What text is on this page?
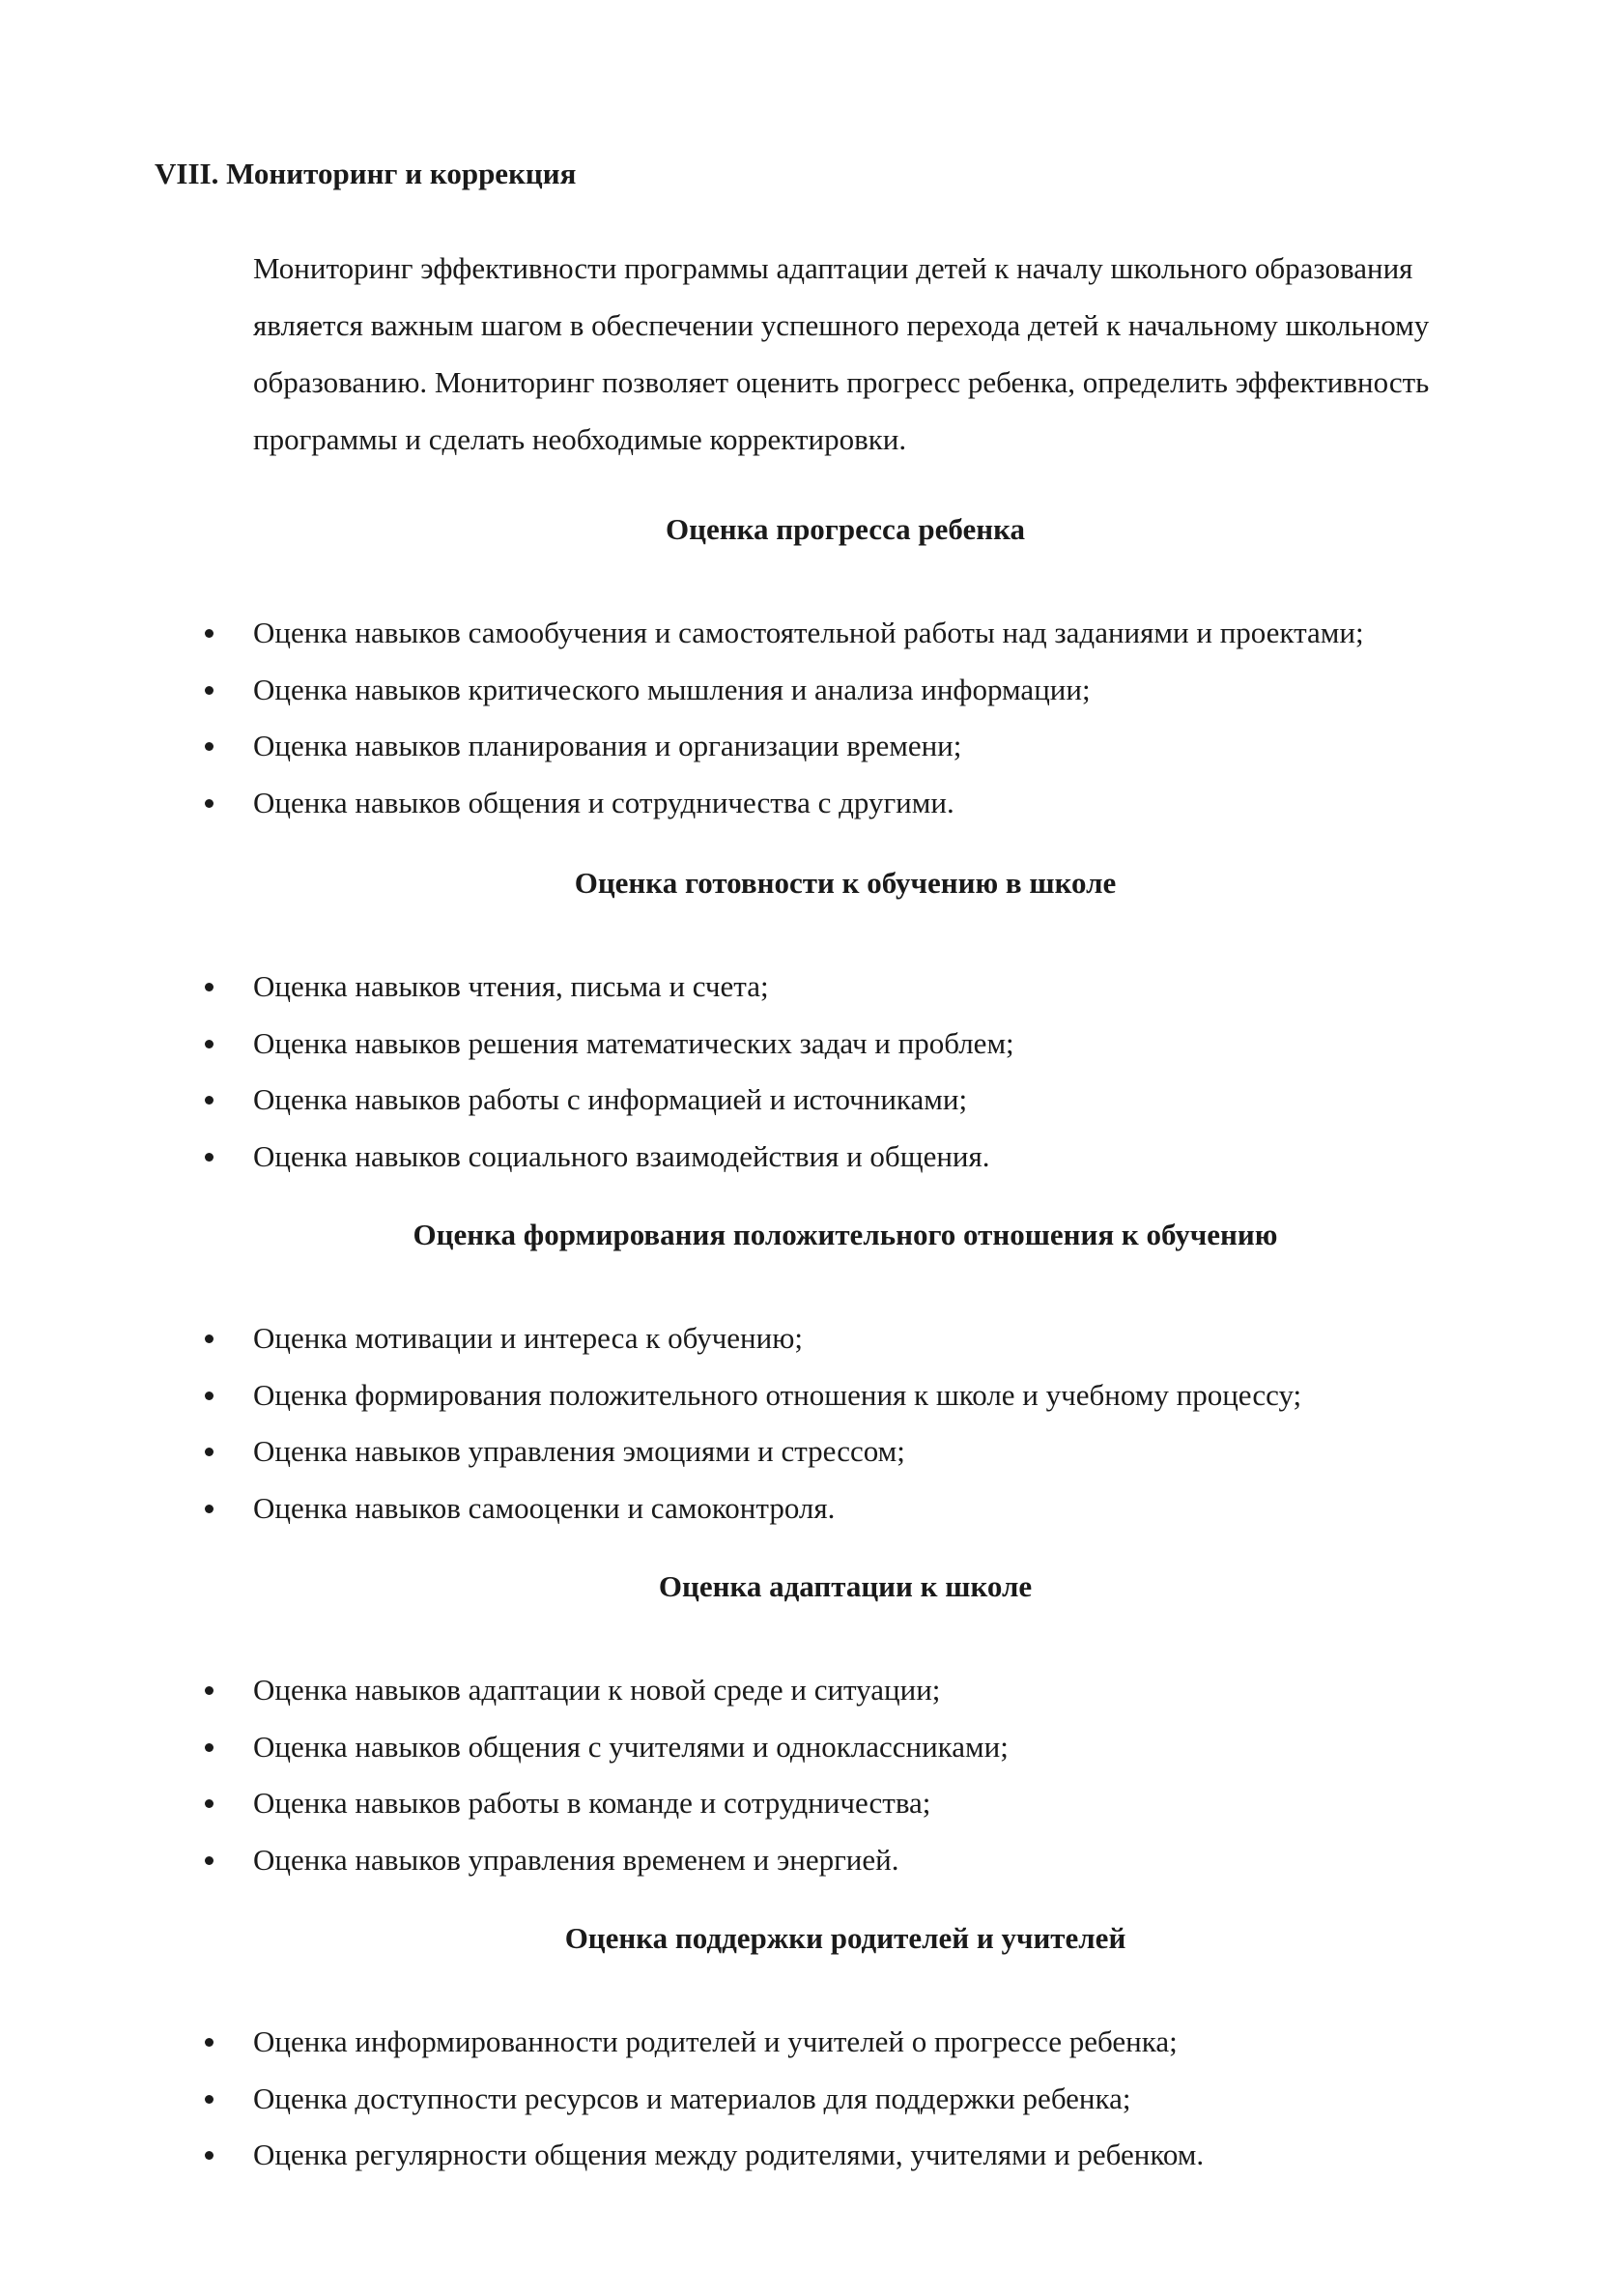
VIII. Мониторинг и коррекция

Мониторинг эффективности программы адаптации детей к началу школьного образования является важным шагом в обеспечении успешного перехода детей к начальному школьному образованию. Мониторинг позволяет оценить прогресс ребенка, определить эффективность программы и сделать необходимые корректировки.

Оценка прогресса ребенка
Оценка навыков самообучения и самостоятельной работы над заданиями и проектами;
Оценка навыков критического мышления и анализа информации;
Оценка навыков планирования и организации времени;
Оценка навыков общения и сотрудничества с другими.
Оценка готовности к обучению в школе
Оценка навыков чтения, письма и счета;
Оценка навыков решения математических задач и проблем;
Оценка навыков работы с информацией и источниками;
Оценка навыков социального взаимодействия и общения.
Оценка формирования положительного отношения к обучению
Оценка мотивации и интереса к обучению;
Оценка формирования положительного отношения к школе и учебному процессу;
Оценка навыков управления эмоциями и стрессом;
Оценка навыков самооценки и самоконтроля.
Оценка адаптации к школе
Оценка навыков адаптации к новой среде и ситуации;
Оценка навыков общения с учителями и одноклассниками;
Оценка навыков работы в команде и сотрудничества;
Оценка навыков управления временем и энергией.
Оценка поддержки родителей и учителей
Оценка информированности родителей и учителей о прогрессе ребенка;
Оценка доступности ресурсов и материалов для поддержки ребенка;
Оценка регулярности общения между родителями, учителями и ребенком.
